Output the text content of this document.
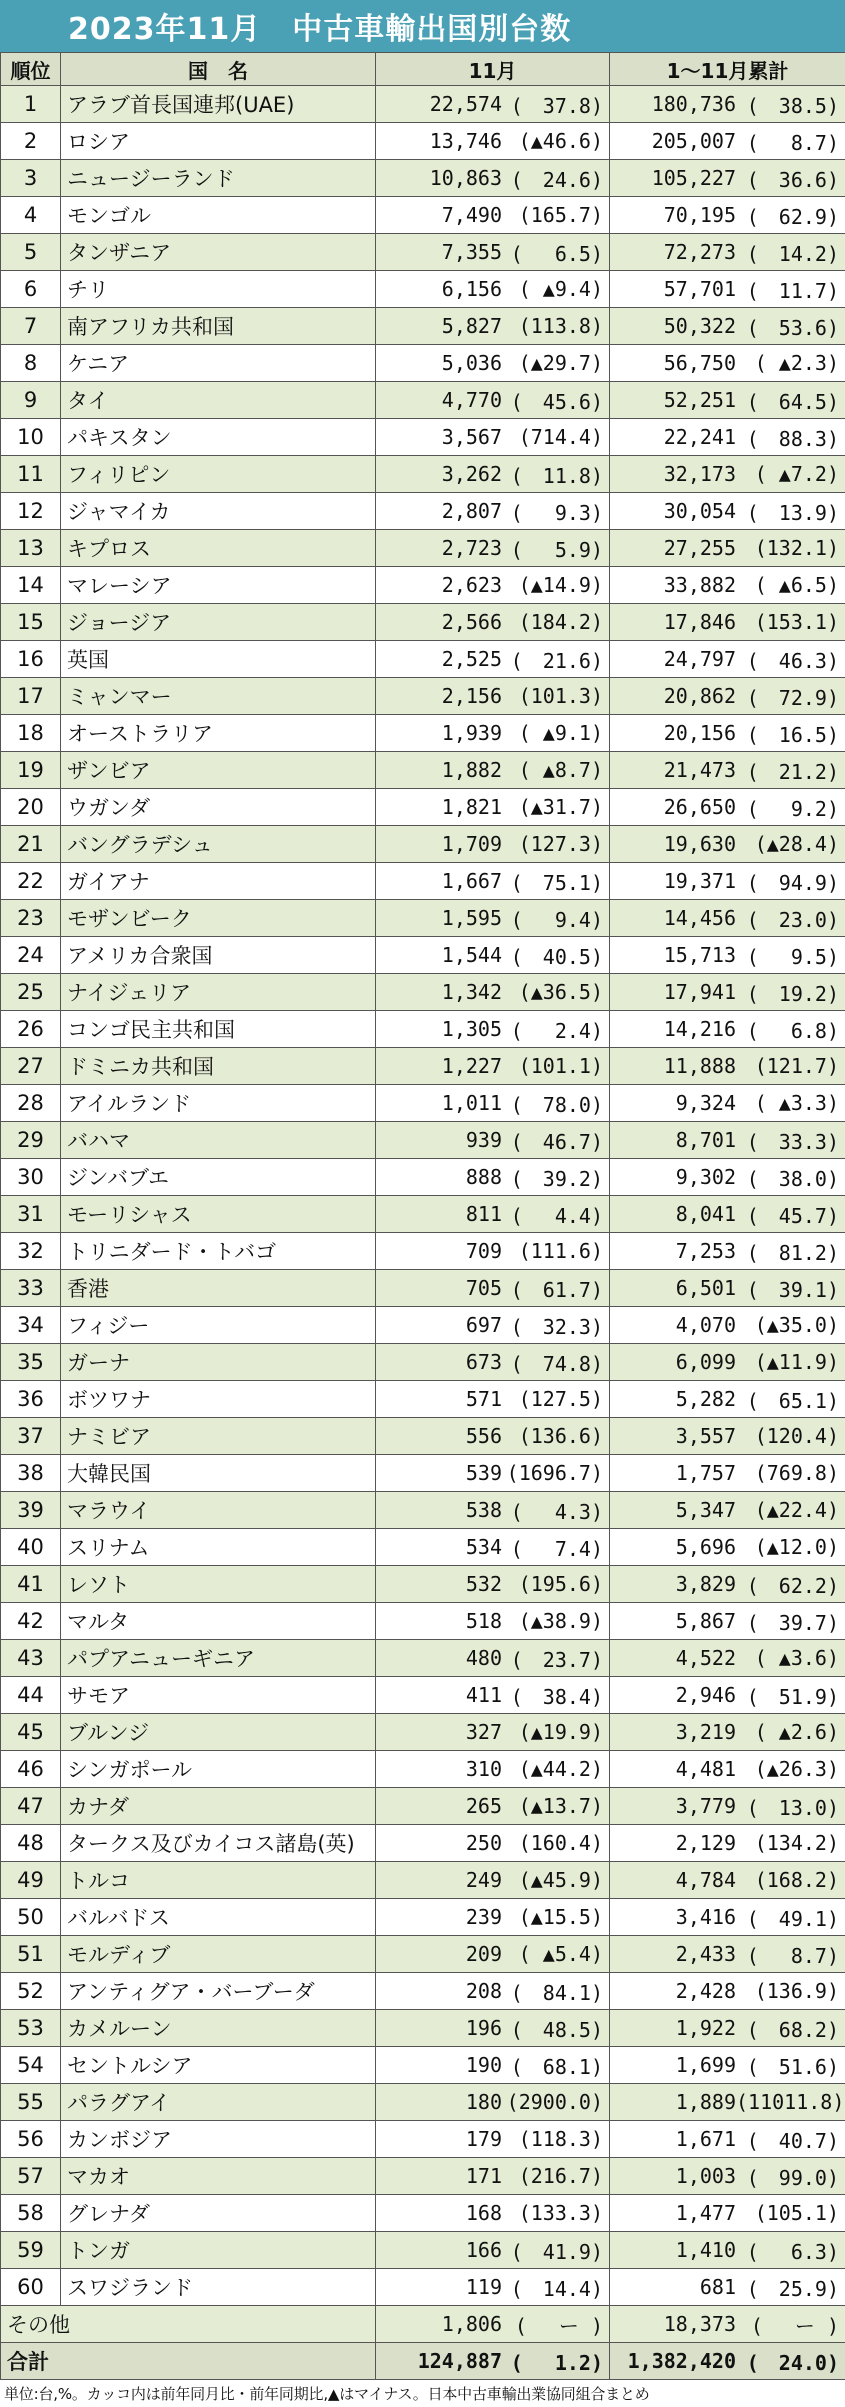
2023年11月　中古車輸出国別台数
順位	国　名	11月	1～11月累計
1	アラブ首長国連邦(UAE)	22,574 (　37.8)	180,736 (　38.5)

2	ロシア	13,746 (▲46.6)	205,007 (　 8.7)

3	ニュージーランド	10,863 (　24.6)	105,227 (　36.6)

4	モンゴル	7,490 (165.7)	70,195 (　62.9)

5	タンザニア	7,355 (　 6.5)	72,273 (　14.2)

6	チリ	6,156 ( ▲9.4)	57,701 (　11.7)

7	南アフリカ共和国	5,827 (113.8)	50,322 (　53.6)

8	ケニア	5,036 (▲29.7)	56,750 ( ▲2.3)

9	タイ	4,770 (　45.6)	52,251 (　64.5)

10	パキスタン	3,567 (714.4)	22,241 (　88.3)

11	フィリピン	3,262 (　11.8)	32,173 ( ▲7.2)

12	ジャマイカ	2,807 (　 9.3)	30,054 (　13.9)

13	キプロス	2,723 (　 5.9)	27,255 (132.1)

14	マレーシア	2,623 (▲14.9)	33,882 ( ▲6.5)

15	ジョージア	2,566 (184.2)	17,846 (153.1)

16	英国	2,525 (　21.6)	24,797 (　46.3)

17	ミャンマー	2,156 (101.3)	20,862 (　72.9)

18	オーストラリア	1,939 ( ▲9.1)	20,156 (　16.5)

19	ザンビア	1,882 ( ▲8.7)	21,473 (　21.2)

20	ウガンダ	1,821 (▲31.7)	26,650 (　 9.2)

21	バングラデシュ	1,709 (127.3)	19,630 (▲28.4)

22	ガイアナ	1,667 (　75.1)	19,371 (　94.9)

23	モザンビーク	1,595 (　 9.4)	14,456 (　23.0)

24	アメリカ合衆国	1,544 (　40.5)	15,713 (　 9.5)

25	ナイジェリア	1,342 (▲36.5)	17,941 (　19.2)

26	コンゴ民主共和国	1,305 (　 2.4)	14,216 (　 6.8)

27	ドミニカ共和国	1,227 (101.1)	11,888 (121.7)

28	アイルランド	1,011 (　78.0)	9,324 ( ▲3.3)

29	バハマ	939 (　46.7)	8,701 (　33.3)

30	ジンバブエ	888 (　39.2)	9,302 (　38.0)

31	モーリシャス	811 (　 4.4)	8,041 (　45.7)

32	トリニダード・トバゴ	709 (111.6)	7,253 (　81.2)

33	香港	705 (　61.7)	6,501 (　39.1)

34	フィジー	697 (　32.3)	4,070 (▲35.0)

35	ガーナ	673 (　74.8)	6,099 (▲11.9)

36	ボツワナ	571 (127.5)	5,282 (　65.1)

37	ナミビア	556 (136.6)	3,557 (120.4)

38	大韓民国	539 (1696.7)	1,757 (769.8)

39	マラウイ	538 (　 4.3)	5,347 (▲22.4)

40	スリナム	534 (　 7.4)	5,696 (▲12.0)

41	レソト	532 (195.6)	3,829 (　62.2)

42	マルタ	518 (▲38.9)	5,867 (　39.7)

43	パプアニューギニア	480 (　23.7)	4,522 ( ▲3.6)

44	サモア	411 (　38.4)	2,946 (　51.9)

45	ブルンジ	327 (▲19.9)	3,219 ( ▲2.6)

46	シンガポール	310 (▲44.2)	4,481 (▲26.3)

47	カナダ	265 (▲13.7)	3,779 (　13.0)

48	タークス及びカイコス諸島(英)	250 (160.4)	2,129 (134.2)

49	トルコ	249 (▲45.9)	4,784 (168.2)

50	バルバドス	239 (▲15.5)	3,416 (　49.1)

51	モルディブ	209 ( ▲5.4)	2,433 (　 8.7)

52	アンティグア・バーブーダ	208 (　84.1)	2,428 (136.9)

53	カメルーン	196 (　48.5)	1,922 (　68.2)

54	セントルシア	190 (　68.1)	1,699 (　51.6)

55	パラグアイ	180 (2900.0)	1,889 (11011.8)

56	カンボジア	179 (118.3)	1,671 (　40.7)

57	マカオ	171 (216.7)	1,003 (　99.0)

58	グレナダ	168 (133.3)	1,477 (105.1)

59	トンガ	166 (　41.9)	1,410 (　 6.3)

60	スワジランド	119 (　14.4)	681 (　25.9)

その他		1,806 (　 ー )	18,373 (　 ー )

合計		124,887 (　 1.2)	1,382,420 (　24.0)
単位:台,%。カッコ内は前年同月比・前年同期比,▲はマイナス。日本中古車輸出業協同組合まとめ
